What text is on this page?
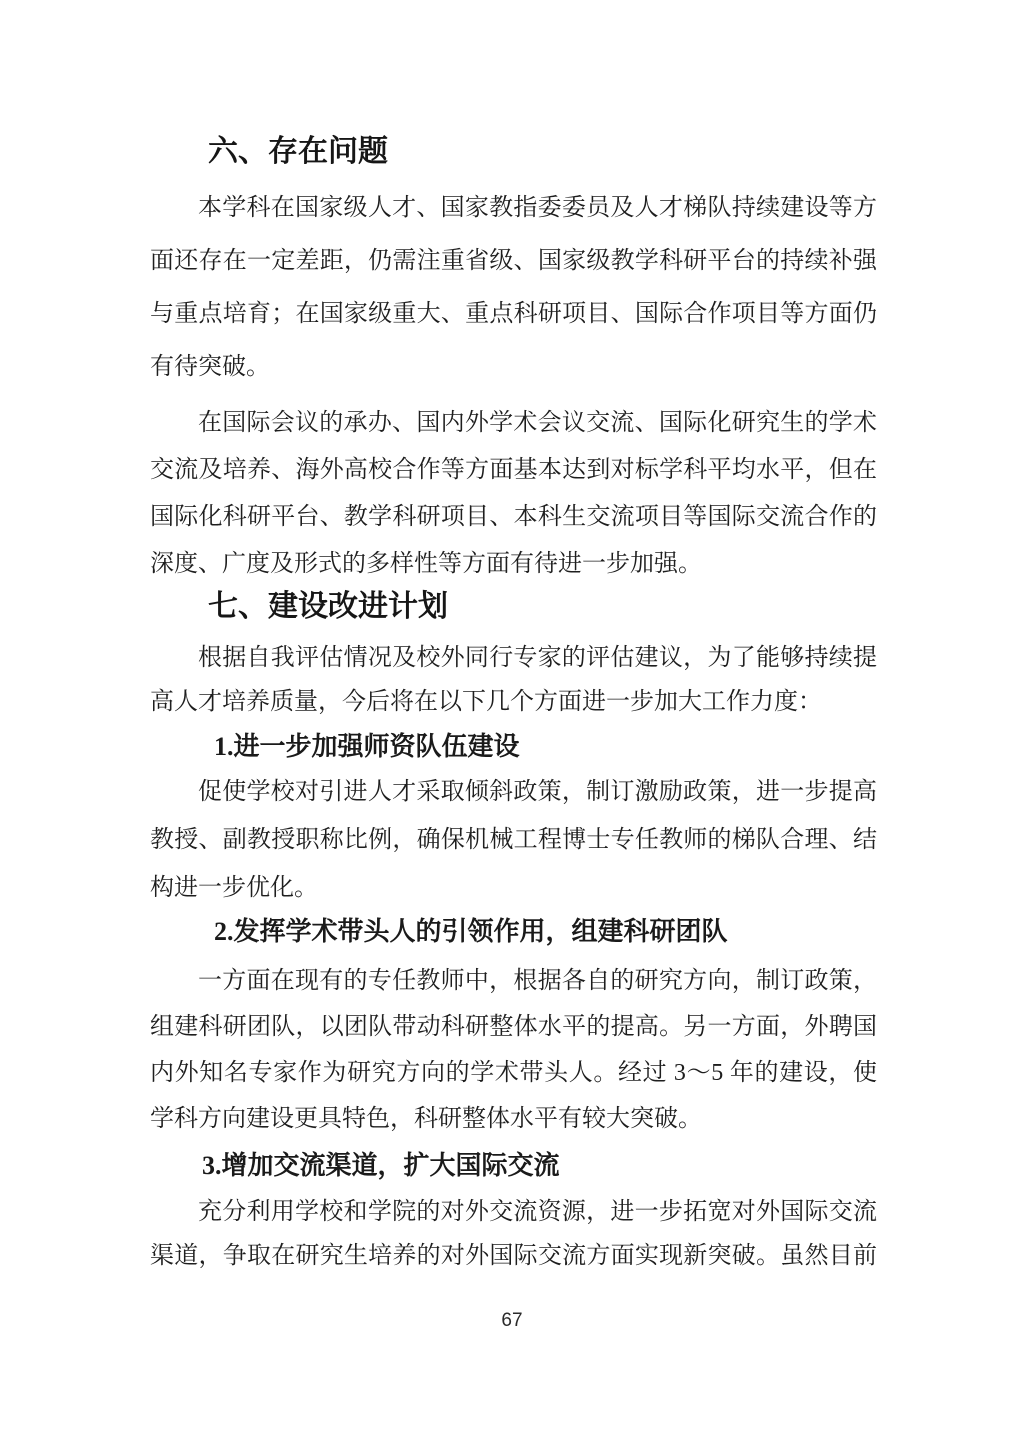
六、存在问题
本学科在国家级人才、国家教指委委员及人才梯队持续建设等方
面还存在一定差距，仍需注重省级、国家级教学科研平台的持续补强
与重点培育；在国家级重大、重点科研项目、国际合作项目等方面仍
有待突破。
在国际会议的承办、国内外学术会议交流、国际化研究生的学术
交流及培养、海外高校合作等方面基本达到对标学科平均水平，但在
国际化科研平台、教学科研项目、本科生交流项目等国际交流合作的
深度、广度及形式的多样性等方面有待进一步加强。
七、建设改进计划
根据自我评估情况及校外同行专家的评估建议，为了能够持续提
高人才培养质量，今后将在以下几个方面进一步加大工作力度：
1.进一步加强师资队伍建设
促使学校对引进人才采取倾斜政策，制订激励政策，进一步提高
教授、副教授职称比例，确保机械工程博士专任教师的梯队合理、结
构进一步优化。
2.发挥学术带头人的引领作用，组建科研团队
一方面在现有的专任教师中，根据各自的研究方向，制订政策，
组建科研团队，以团队带动科研整体水平的提高。另一方面，外聘国
内外知名专家作为研究方向的学术带头人。经过 3～5 年的建设，使
学科方向建设更具特色，科研整体水平有较大突破。
3.增加交流渠道，扩大国际交流
充分利用学校和学院的对外交流资源，进一步拓宽对外国际交流
渠道，争取在研究生培养的对外国际交流方面实现新突破。虽然目前
67
